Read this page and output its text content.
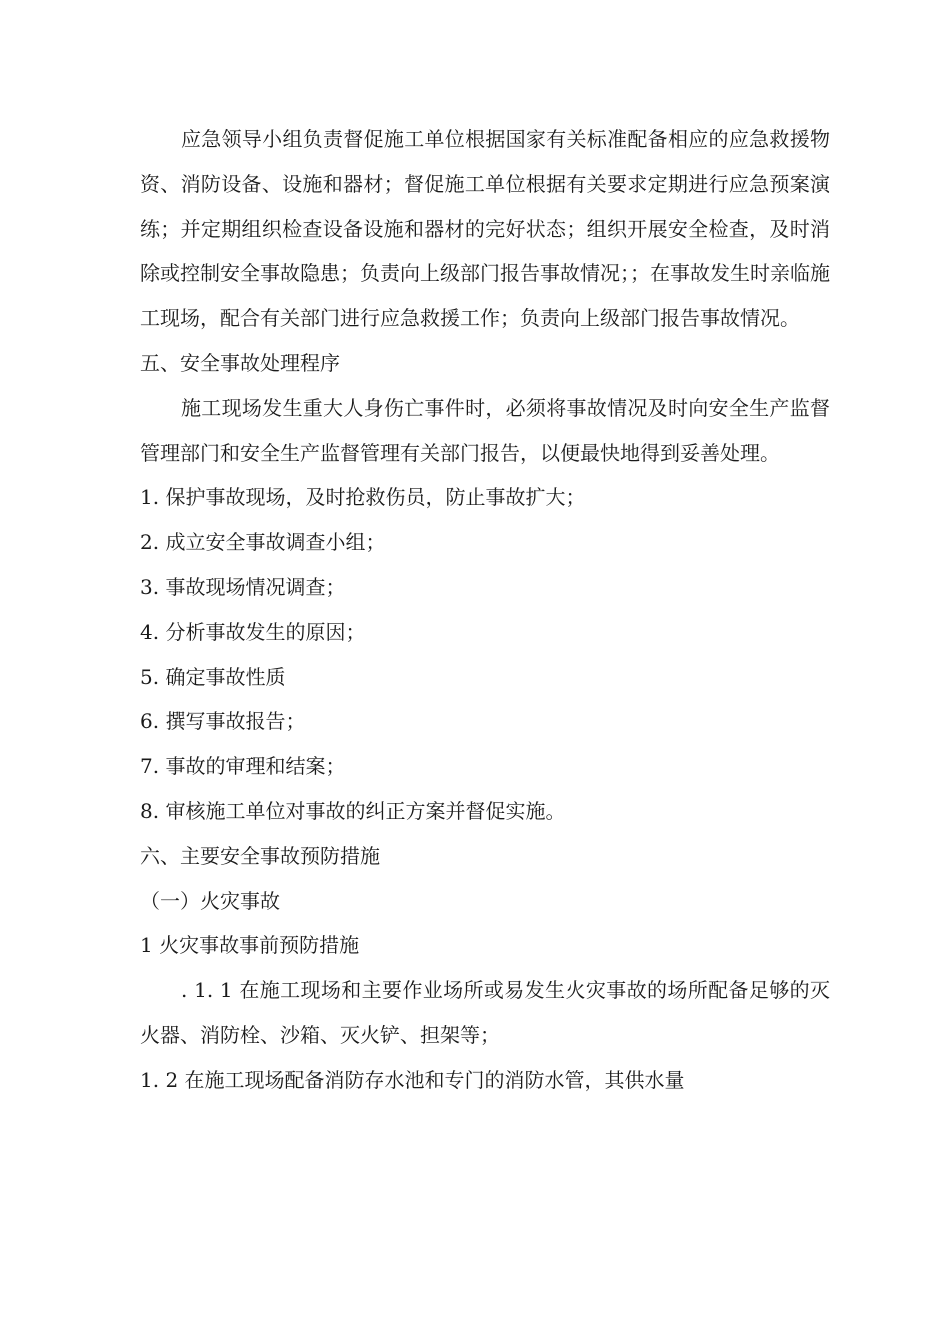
应急领导小组负责督促施工单位根据国家有关标准配备相应的应急救援物资、消防设备、设施和器材；督促施工单位根据有关要求定期进行应急预案演练；并定期组织检查设备设施和器材的完好状态；组织开展安全检查，及时消除或控制安全事故隐患；负责向上级部门报告事故情况；；在事故发生时亲临施工现场，配合有关部门进行应急救援工作；负责向上级部门报告事故情况。

五、安全事故处理程序

施工现场发生重大人身伤亡事件时，必须将事故情况及时向安全生产监督管理部门和安全生产监督管理有关部门报告，以便最快地得到妥善处理。

1. 保护事故现场，及时抢救伤员，防止事故扩大；

2. 成立安全事故调查小组；

3. 事故现场情况调查；

4. 分析事故发生的原因；

5. 确定事故性质

6. 撰写事故报告；

7. 事故的审理和结案；

8. 审核施工单位对事故的纠正方案并督促实施。

六、主要安全事故预防措施

（一）火灾事故

1 火灾事故事前预防措施

. 1. 1 在施工现场和主要作业场所或易发生火灾事故的场所配备足够的灭火器、消防栓、沙箱、灭火铲、担架等；

1. 2 在施工现场配备消防存水池和专门的消防水管，其供水量
